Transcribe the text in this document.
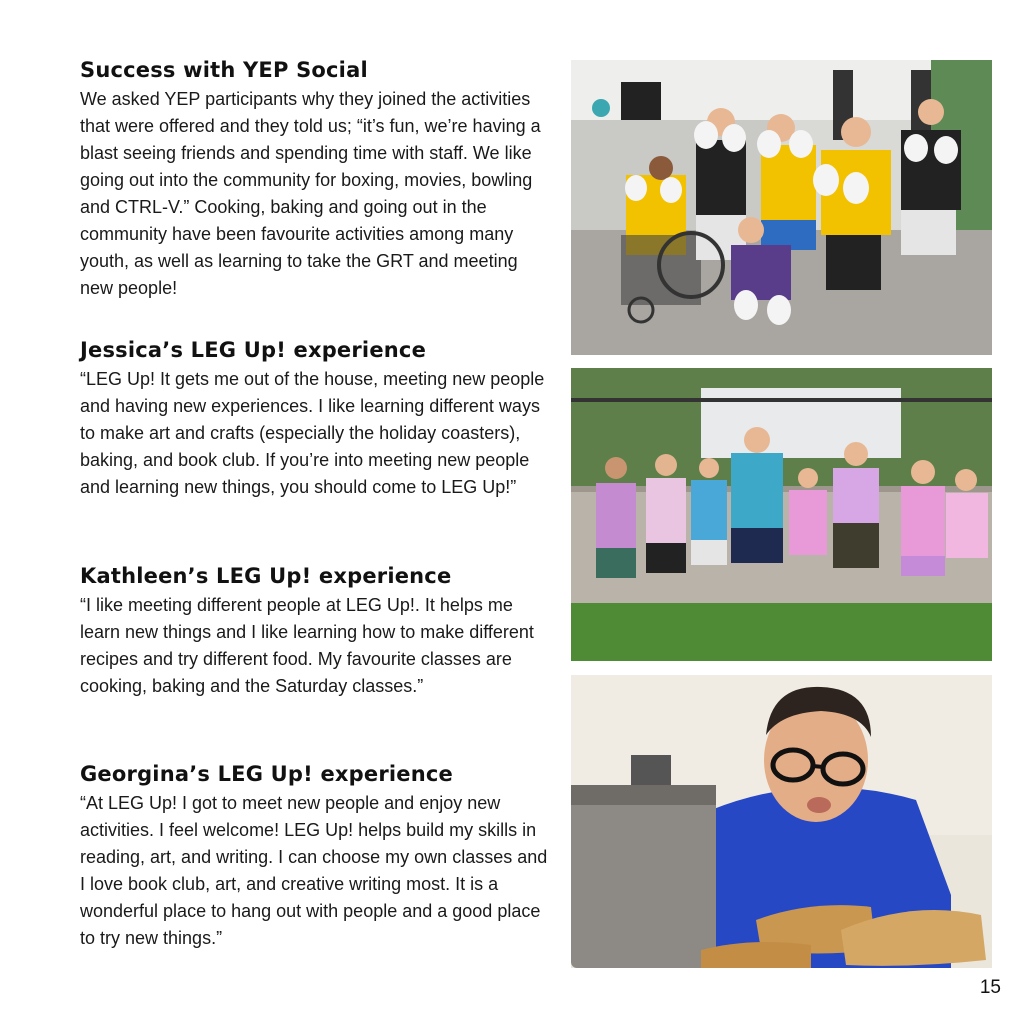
Success with YEP Social

We asked YEP participants why they joined the activities that were offered and they told us; “it’s fun, we’re having a blast seeing friends and spending time with staff. We like going out into the community for boxing, movies, bowling and CTRL-V.” Cooking, baking and going out in the community have been favourite activities among many youth, as well as learning to take the GRT and meeting new people!

Jessica’s LEG Up! experience

“LEG Up! It gets me out of the house, meeting new people and having new experiences. I like learning different ways to make art and crafts (especially the holiday coasters), baking, and book club. If you’re into meeting new people and learning new things, you should come to LEG Up!”

Kathleen’s LEG Up! experience

“I like meeting different people at LEG Up!. It helps me learn new things and I like learning how to make different recipes and try different food. My favourite classes are cooking, baking and the Saturday classes.”

Georgina’s LEG Up! experience

“At LEG Up! I got to meet new people and enjoy new activities. I feel welcome! LEG Up! helps build my skills in reading, art, and writing. I can choose my own classes and I love book club, art, and creative writing most. It is a wonderful place to hang out with people and a good place to try new things.”

15
